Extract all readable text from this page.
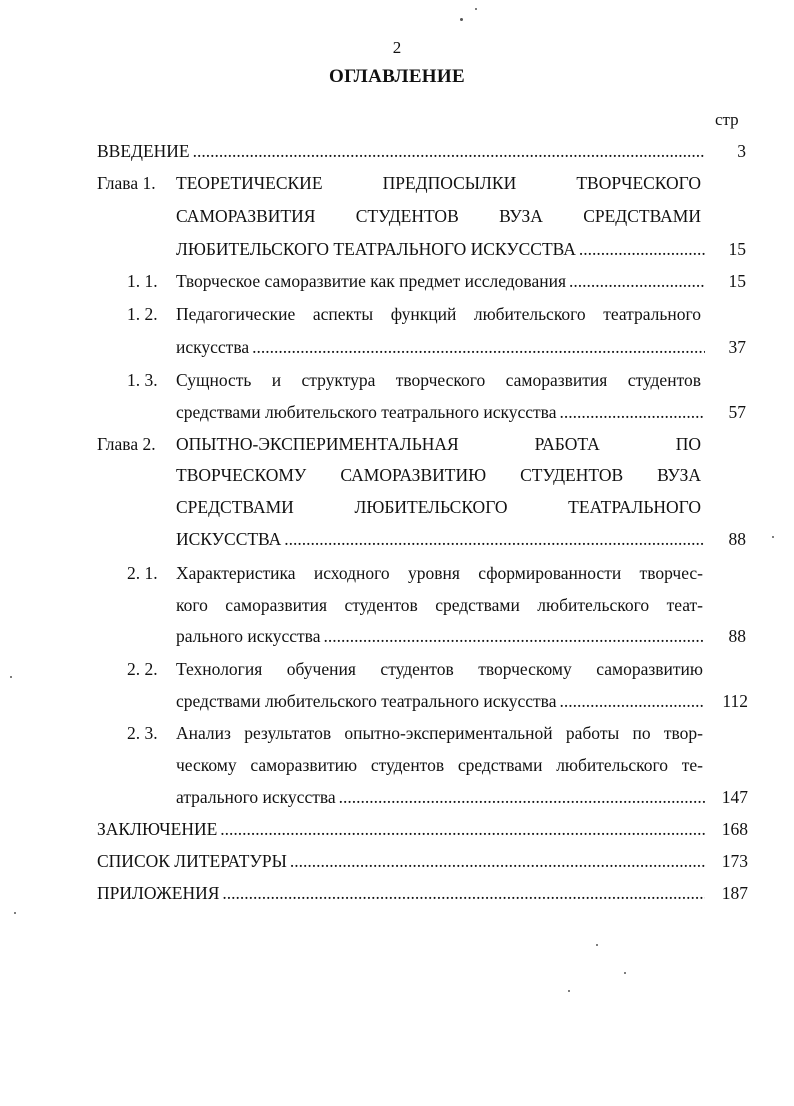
2
ОГЛАВЛЕНИЕ
стр
ВВЕДЕНИЕ .....	3
Глава 1. ТЕОРЕТИЧЕСКИЕ ПРЕДПОСЫЛКИ ТВОРЧЕСКОГО
САМОРАЗВИТИЯ СТУДЕНТОВ ВУЗА СРЕДСТВАМИ
ЛЮБИТЕЛЬСКОГО ТЕАТРАЛЬНОГО ИСКУССТВА .....	15
1. 1. Творческое саморазвитие как предмет исследования .....	15
1. 2. Педагогические аспекты функций любительского театрального
искусства .....	37
1. 3. Сущность и структура творческого саморазвития студентов
средствами любительского театрального искусства .....	57
Глава 2. ОПЫТНО-ЭКСПЕРИМЕНТАЛЬНАЯ РАБОТА ПО
ТВОРЧЕСКОМУ САМОРАЗВИТИЮ СТУДЕНТОВ ВУЗА
СРЕДСТВАМИ ЛЮБИТЕЛЬСКОГО ТЕАТРАЛЬНОГО
ИСКУССТВА .....	88
2. 1. Характеристика исходного уровня сформированности творчес-
кого саморазвития студентов средствами любительского теат-
рального искусства .....	88
2. 2. Технология обучения студентов творческому саморазвитию
средствами любительского театрального искусства .....	112
2. 3. Анализ результатов опытно-экспериментальной работы по твор-
ческому саморазвитию студентов средствами любительского те-
атрального искусства .....	147
ЗАКЛЮЧЕНИЕ .....	168
СПИСОК ЛИТЕРАТУРЫ .....	173
ПРИЛОЖЕНИЯ .....	187
